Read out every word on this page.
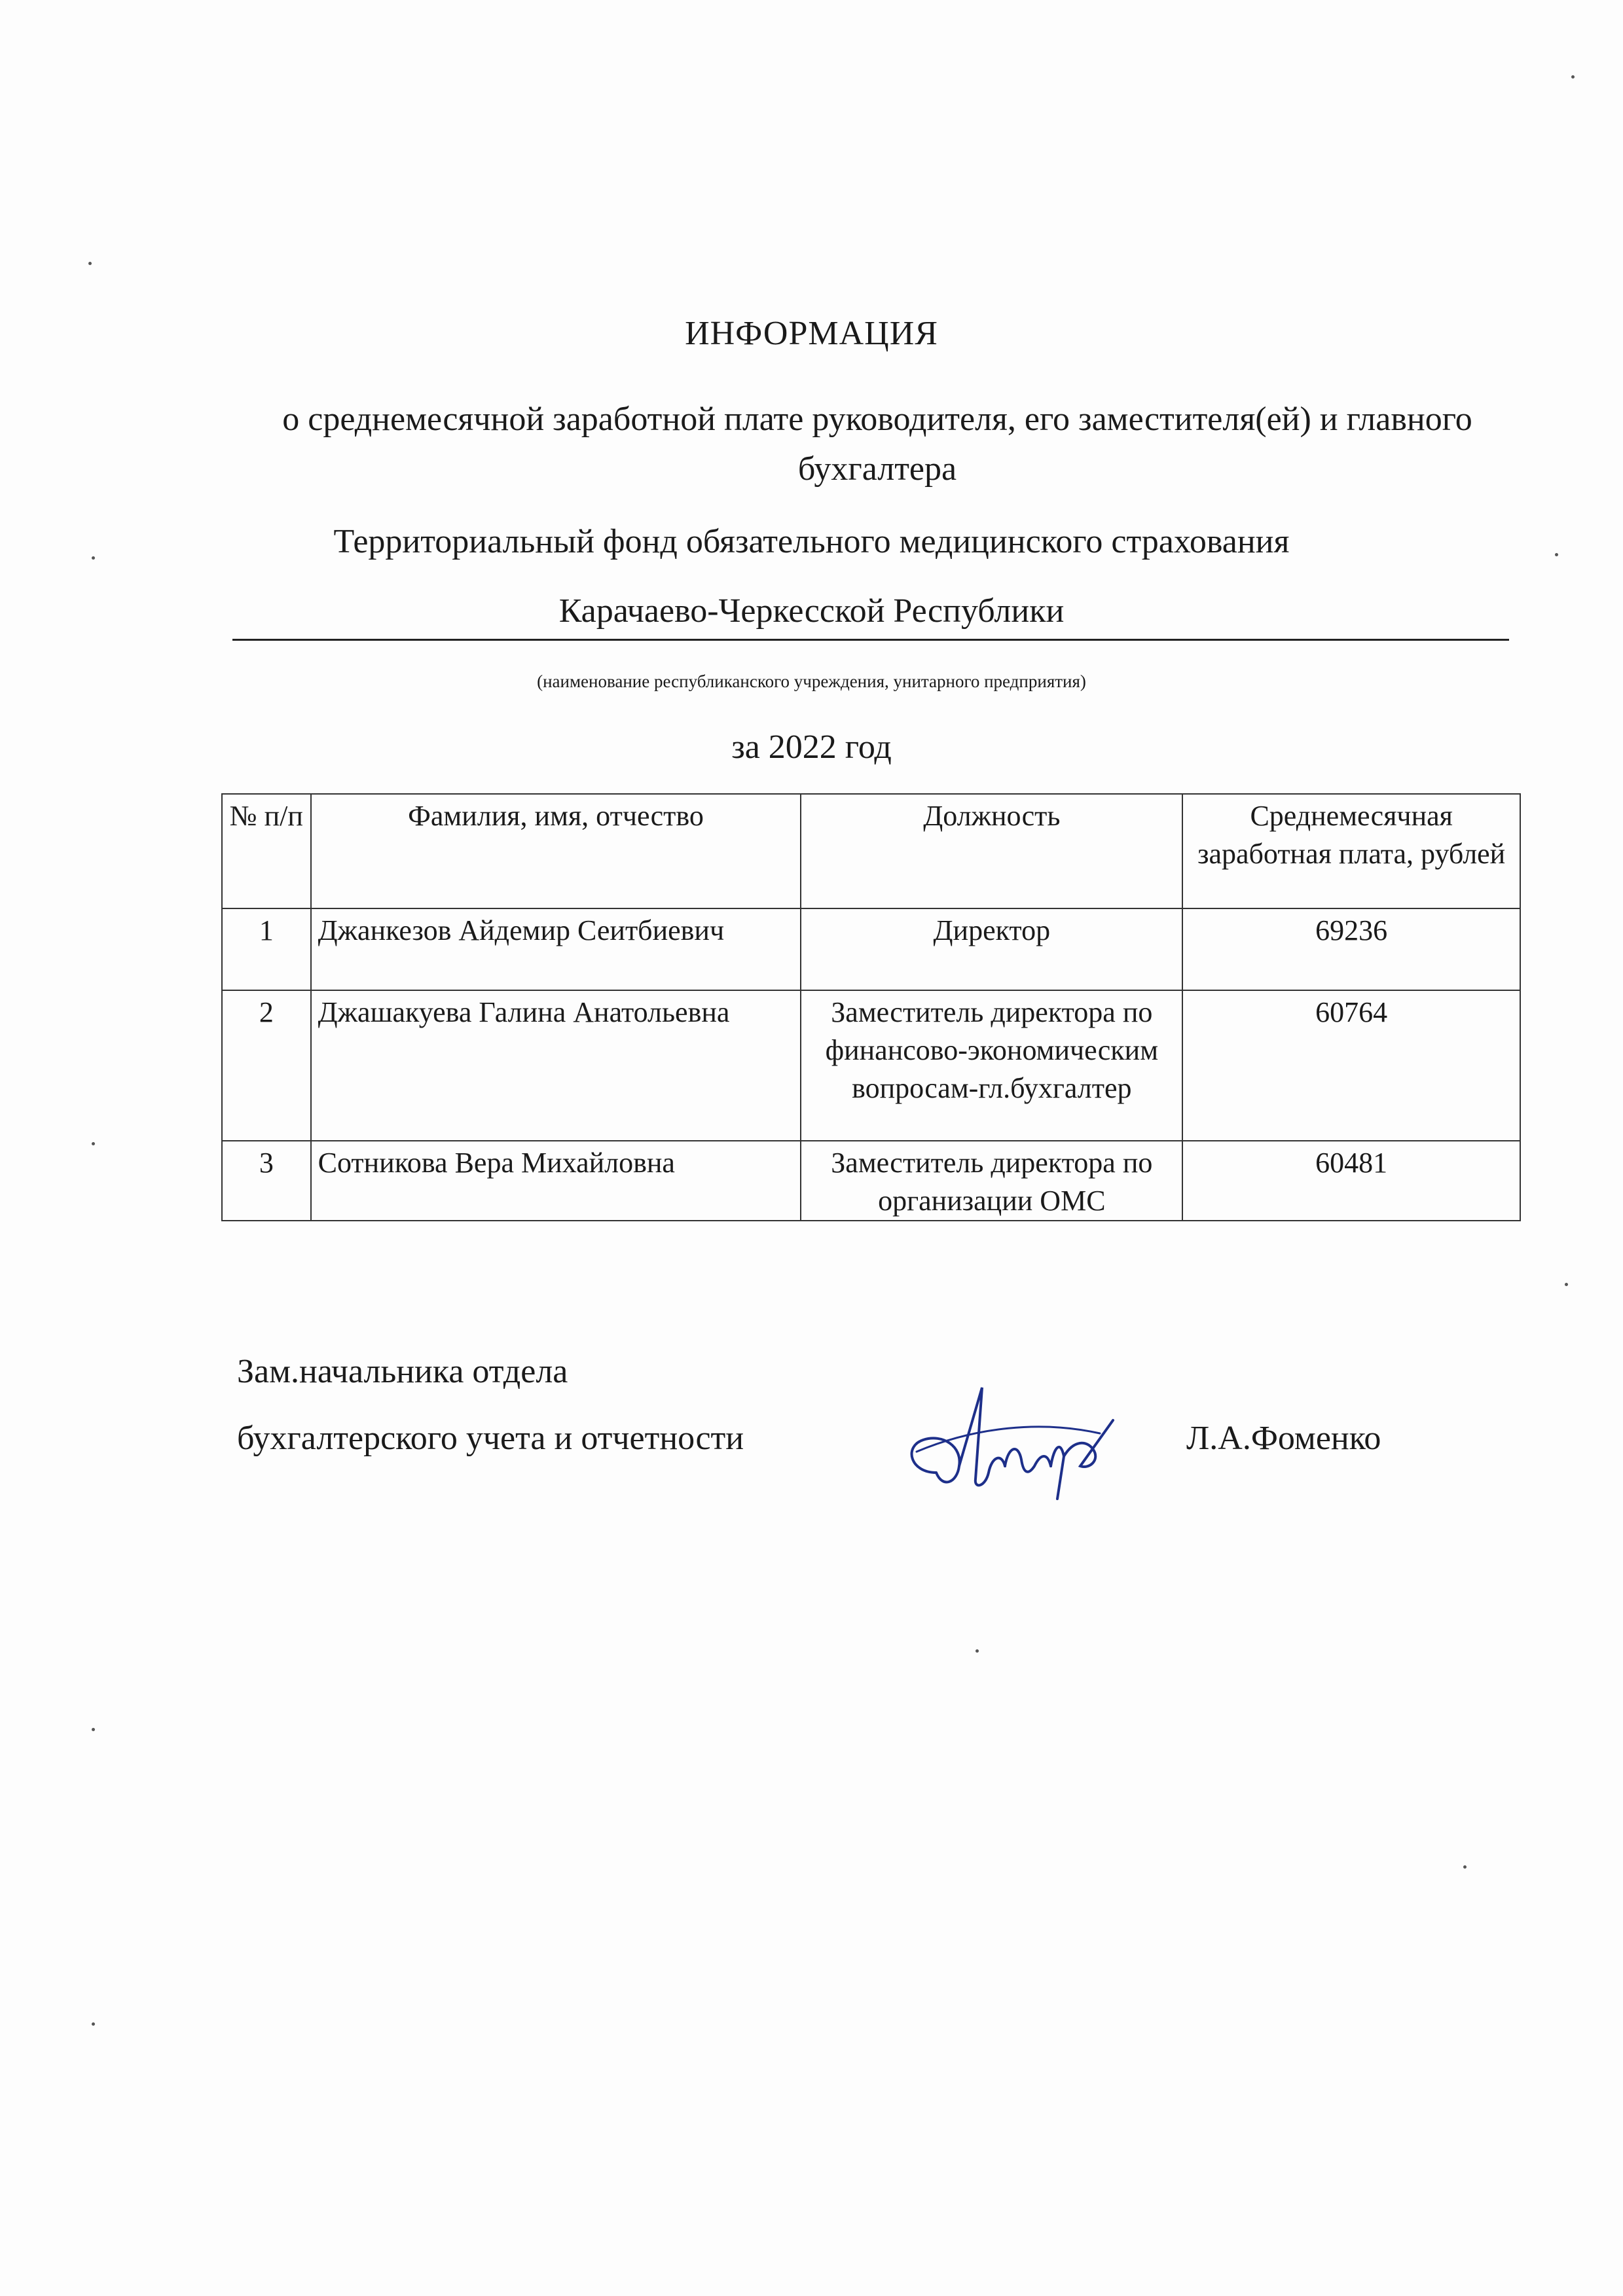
ИНФОРМАЦИЯ
о среднемесячной заработной плате руководителя, его заместителя(ей) и главного бухгалтера
Территориальный фонд обязательного медицинского страхования
Карачаево-Черкесской Республики
(наименование республиканского учреждения, унитарного предприятия)
за 2022 год
№ п/п	Фамилия, имя, отчество	Должность	Среднемесячная заработная плата, рублей
1	Джанкезов Айдемир Сеитбиевич	Директор	69236
2	Джашакуева Галина Анатольевна	Заместитель директора по финансово-экономическим вопросам-гл.бухгалтер	60764
3	Сотникова Вера Михайловна	Заместитель директора по организации ОМС	60481
Зам.начальника отдела
бухгалтерского учета и отчетности	Л.А.Фоменко
